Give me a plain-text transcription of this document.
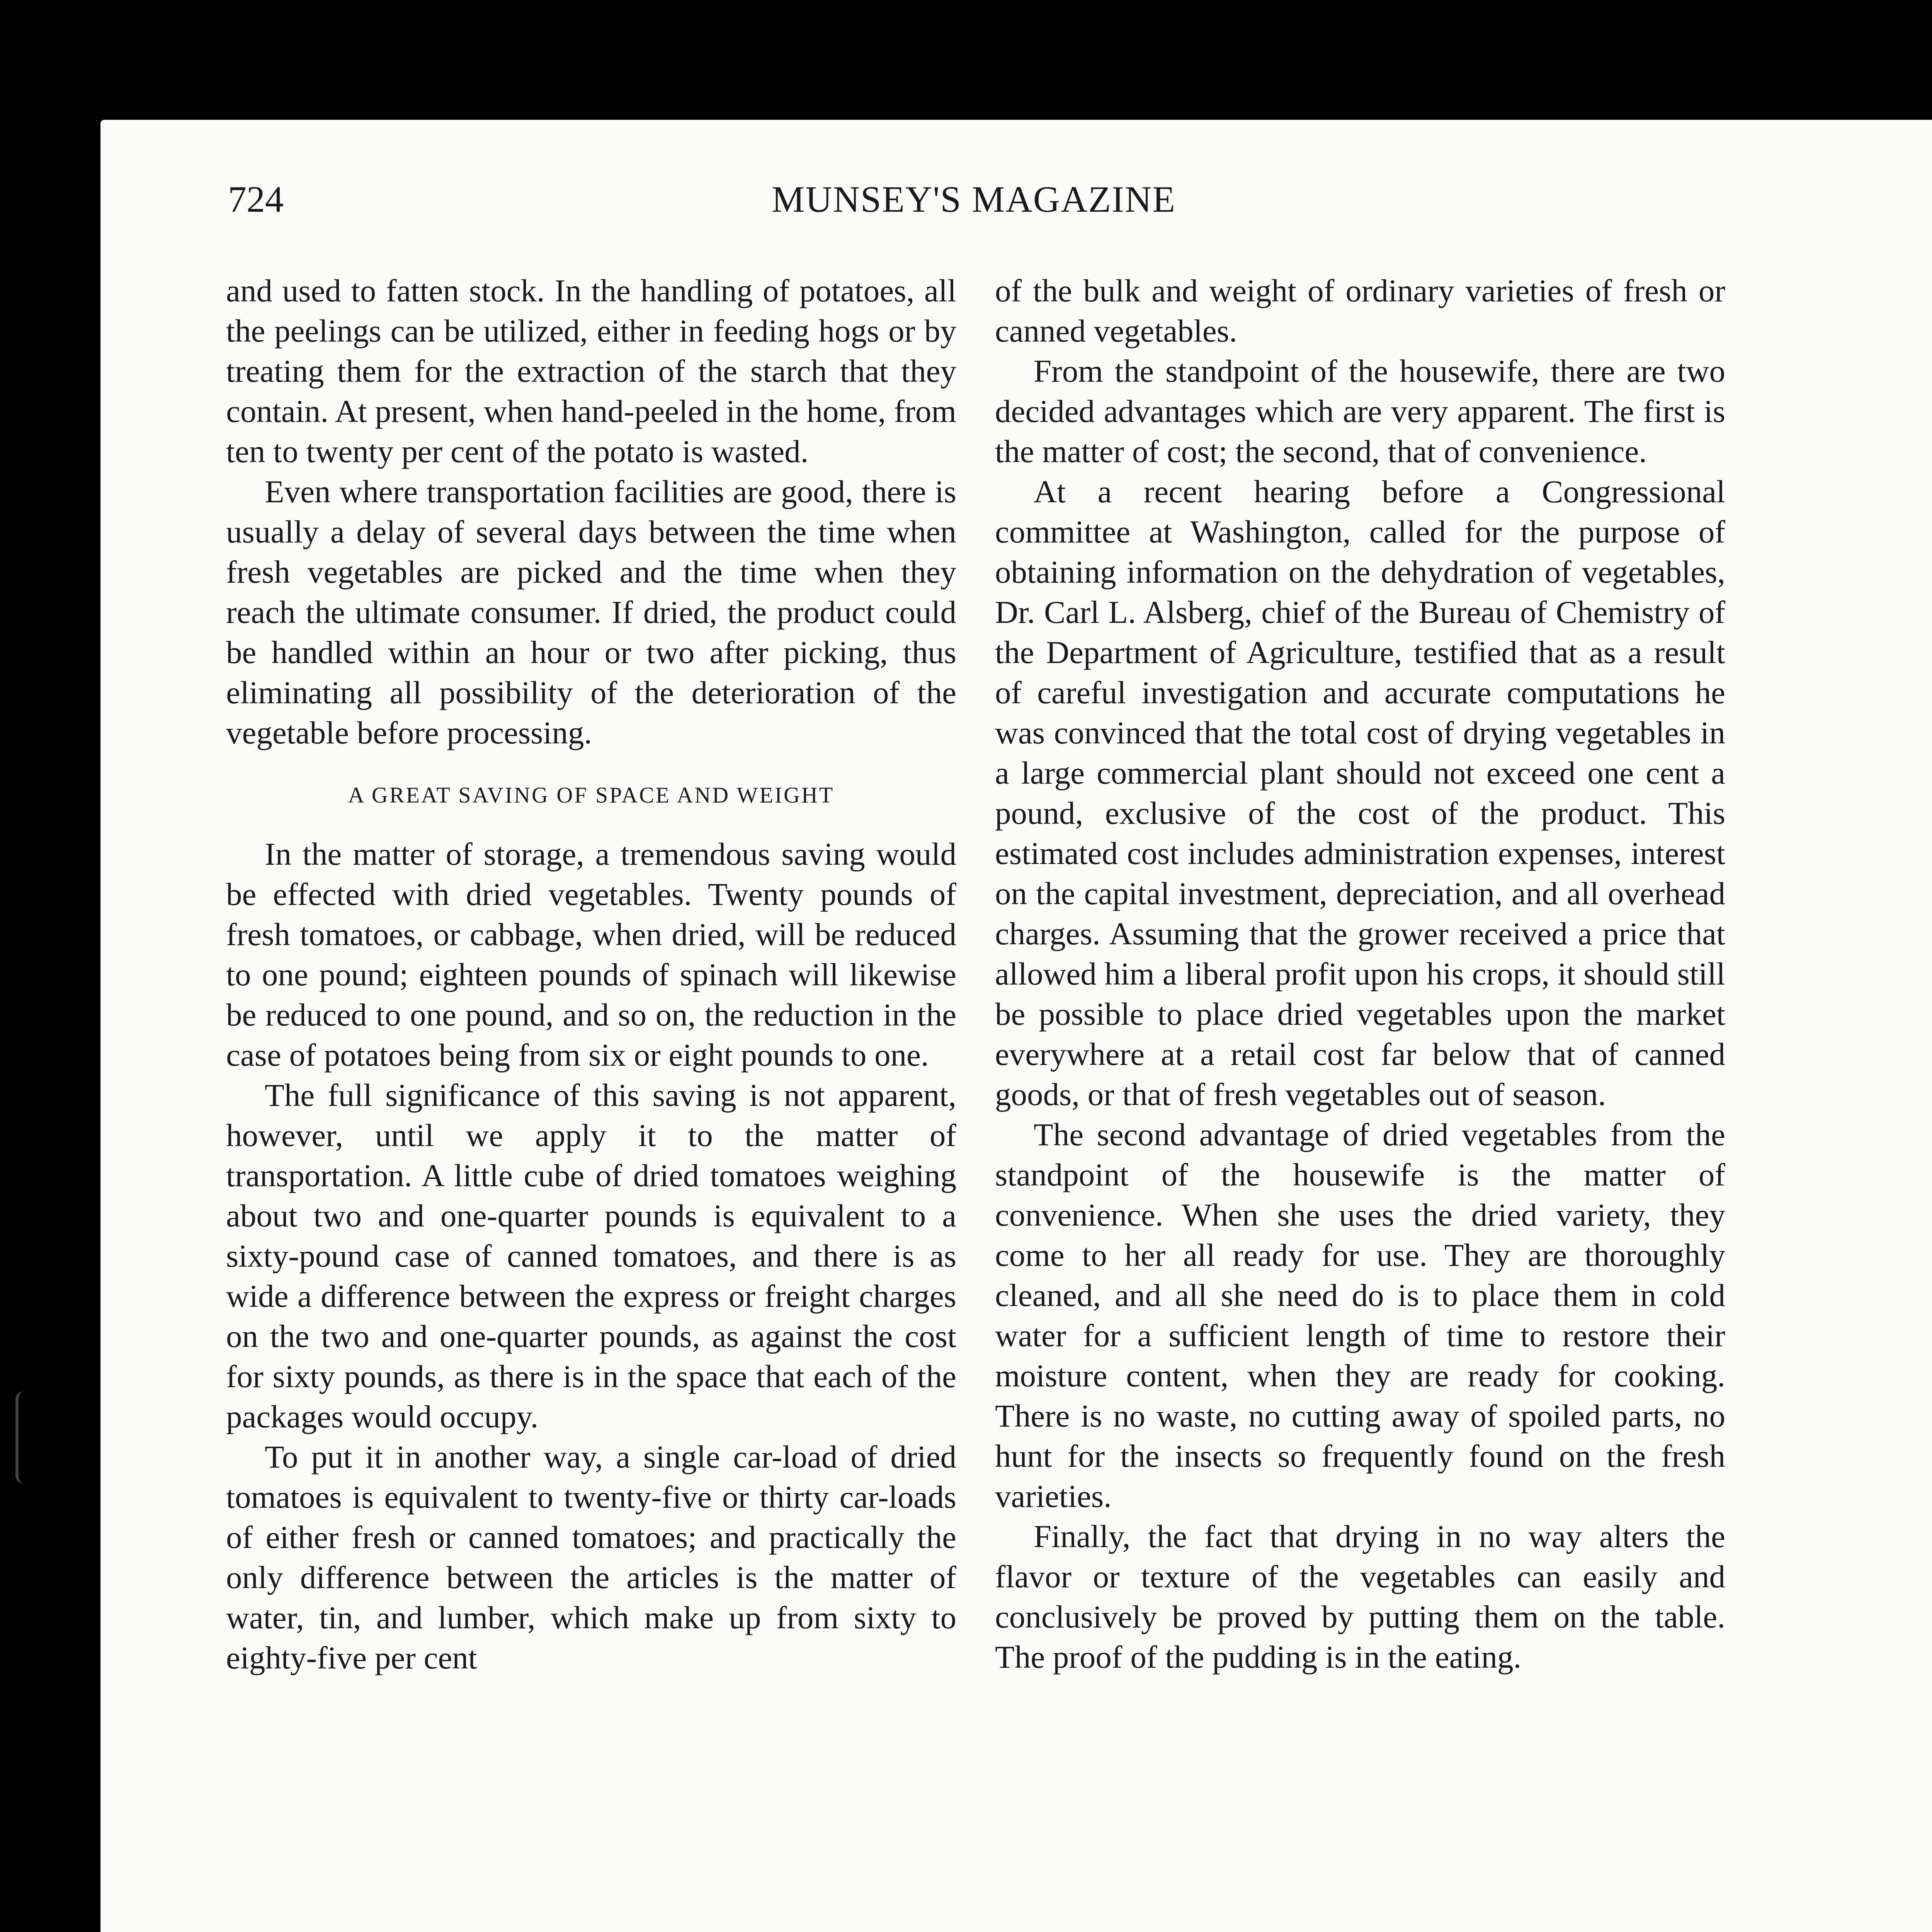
724	MUNSEY'S MAGAZINE

and used to fatten stock. In the handling of potatoes, all the peelings can be utilized, either in feeding hogs or by treating them for the extraction of the starch that they contain. At present, when hand-peeled in the home, from ten to twenty per cent of the potato is wasted.

Even where transportation facilities are good, there is usually a delay of several days between the time when fresh vegetables are picked and the time when they reach the ultimate consumer. If dried, the product could be handled within an hour or two after picking, thus eliminating all possibility of the deterioration of the vegetable before processing.

A GREAT SAVING OF SPACE AND WEIGHT

In the matter of storage, a tremendous saving would be effected with dried vegetables. Twenty pounds of fresh tomatoes, or cabbage, when dried, will be reduced to one pound; eighteen pounds of spinach will likewise be reduced to one pound, and so on, the reduction in the case of potatoes being from six or eight pounds to one.

The full significance of this saving is not apparent, however, until we apply it to the matter of transportation. A little cube of dried tomatoes weighing about two and one-quarter pounds is equivalent to a sixty-pound case of canned tomatoes, and there is as wide a difference between the express or freight charges on the two and one-quarter pounds, as against the cost for sixty pounds, as there is in the space that each of the packages would occupy.

To put it in another way, a single car-load of dried tomatoes is equivalent to twenty-five or thirty car-loads of either fresh or canned tomatoes; and practically the only difference between the articles is the matter of water, tin, and lumber, which make up from sixty to eighty-five per cent

of the bulk and weight of ordinary varieties of fresh or canned vegetables.

From the standpoint of the housewife, there are two decided advantages which are very apparent. The first is the matter of cost; the second, that of convenience.

At a recent hearing before a Congressional committee at Washington, called for the purpose of obtaining information on the dehydration of vegetables, Dr. Carl L. Alsberg, chief of the Bureau of Chemistry of the Department of Agriculture, testified that as a result of careful investigation and accurate computations he was convinced that the total cost of drying vegetables in a large commercial plant should not exceed one cent a pound, exclusive of the cost of the product. This estimated cost includes administration expenses, interest on the capital investment, depreciation, and all overhead charges. Assuming that the grower received a price that allowed him a liberal profit upon his crops, it should still be possible to place dried vegetables upon the market everywhere at a retail cost far below that of canned goods, or that of fresh vegetables out of season.

The second advantage of dried vegetables from the standpoint of the housewife is the matter of convenience. When she uses the dried variety, they come to her all ready for use. They are thoroughly cleaned, and all she need do is to place them in cold water for a sufficient length of time to restore their moisture content, when they are ready for cooking. There is no waste, no cutting away of spoiled parts, no hunt for the insects so frequently found on the fresh varieties.

Finally, the fact that drying in no way alters the flavor or texture of the vegetables can easily and conclusively be proved by putting them on the table. The proof of the pudding is in the eating.
